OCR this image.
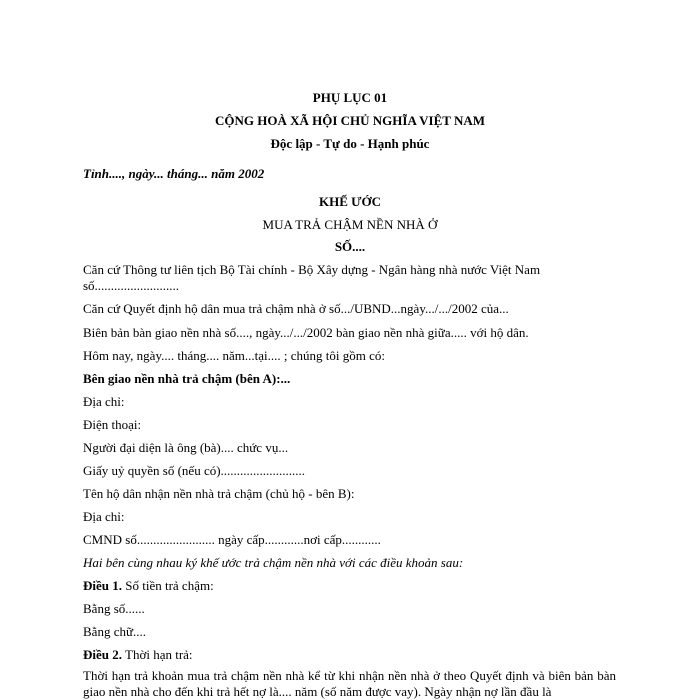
PHỤ LỤC 01
CỘNG HOÀ XÃ HỘI CHỦ NGHĨA VIỆT NAM
Độc lập - Tự do - Hạnh phúc
Tỉnh...., ngày... tháng... năm 2002
KHẾ ƯỚC
MUA TRẢ CHẬM NỀN NHÀ Ở
SỐ....
Căn cứ Thông tư liên tịch Bộ Tài chính - Bộ Xây dựng - Ngân hàng nhà nước Việt Nam số..........................
Căn cứ Quyết định hộ dân mua trả chậm nhà ở số.../UBND...ngày.../.../2002 của...
Biên bản bàn giao nền nhà số...., ngày.../.../2002 bàn giao nền nhà giữa..... với hộ dân.
Hôm nay, ngày.... tháng.... năm...tại.... ; chúng tôi gồm có:
Bên giao nền nhà trả chậm (bên A):...
Địa chỉ:
Điện thoại:
Người đại diện là ông (bà).... chức vụ...
Giấy uỷ quyền số (nếu có)..........................
Tên hộ dân nhận nền nhà trả chậm (chủ hộ - bên B):
Địa chỉ:
CMND số........................ ngày cấp............nơi cấp............
Hai bên cùng nhau ký khế ước trả chậm nền nhà với các điều khoản sau:
Điều 1. Số tiền trả chậm:
Bằng số......
Bằng chữ....
Điều 2. Thời hạn trả:
Thời hạn trả khoản mua trả chậm nền nhà kể từ khi nhận nền nhà ở theo Quyết định và biên bản bàn giao nền nhà cho đến khi trả hết nợ là.... năm (số năm được vay). Ngày nhận nợ lần đầu là
